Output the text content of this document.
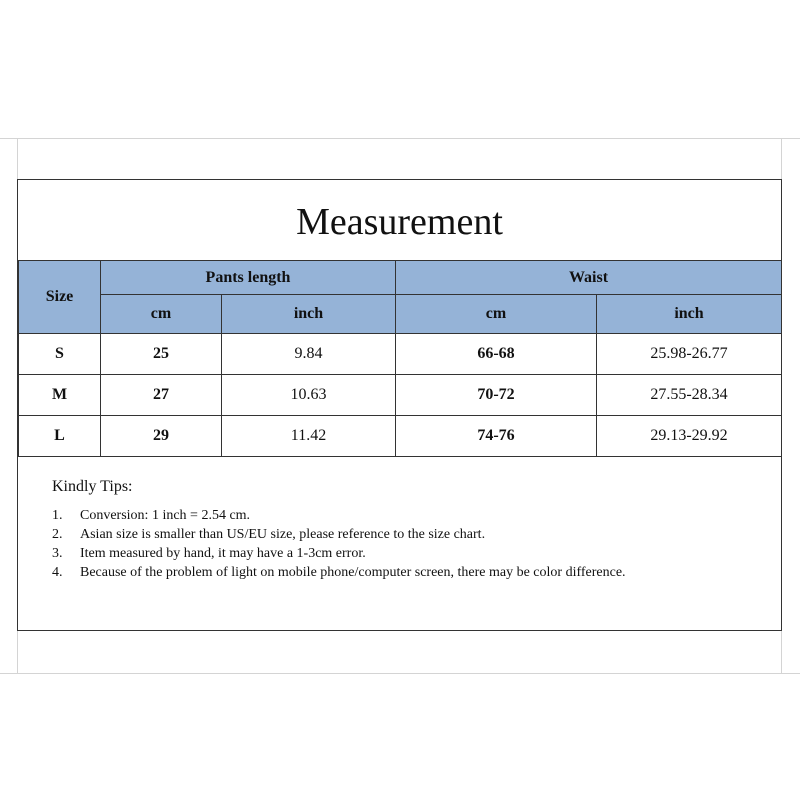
Measurement
Size	Pants length		Waist	
	cm	inch	cm	inch
S	25	9.84	66-68	25.98-26.77
M	27	10.63	70-72	27.55-28.34
L	29	11.42	74-76	29.13-29.92
Kindly Tips:
1.	Conversion: 1 inch = 2.54 cm.
2.	Asian size is smaller than US/EU size, please reference to the size chart.
3.	Item measured by hand, it may have a 1-3cm error.
4.	Because of the problem of light on mobile phone/computer screen, there may be color difference.
